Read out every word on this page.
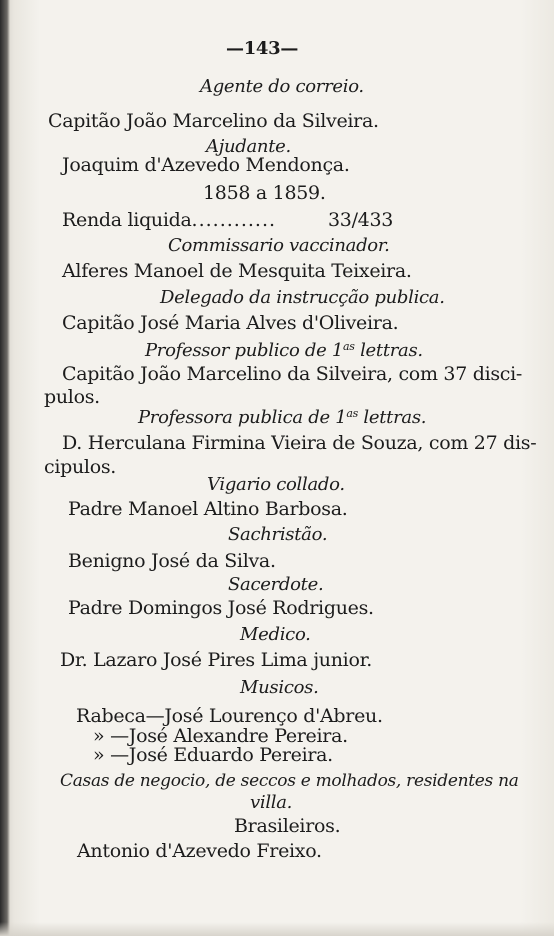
—143—
Agente do correio.
Capitão João Marcelino da Silveira.
Ajudante.
Joaquim d'Azevedo Mendonça.
1858 a 1859.
Renda liquida............	33/433
Commissario vaccinador.
Alferes Manoel de Mesquita Teixeira.
Delegado da instrucção publica.
Capitão José Maria Alves d'Oliveira.
Professor publico de $1^{as}$ lettras.
Capitão João Marcelino da Silveira, com 37 disci-
pulos.
Professora publica de $1^{as}$ lettras.
D. Herculana Firmina Vieira de Souza, com 27 dis-
cipulos.
Vigario collado.
Padre Manoel Altino Barbosa.
Sachristão.
Benigno José da Silva.
Sacerdote.
Padre Domingos José Rodrigues.
Medico.
Dr. Lazaro José Pires Lima junior.
Musicos.
Rabeca—José Lourenço d'Abreu.
» —José Alexandre Pereira.
» —José Eduardo Pereira.
Casas de negocio, de seccos e molhados, residentes na
villa.
Brasileiros.
Antonio d'Azevedo Freixo.
